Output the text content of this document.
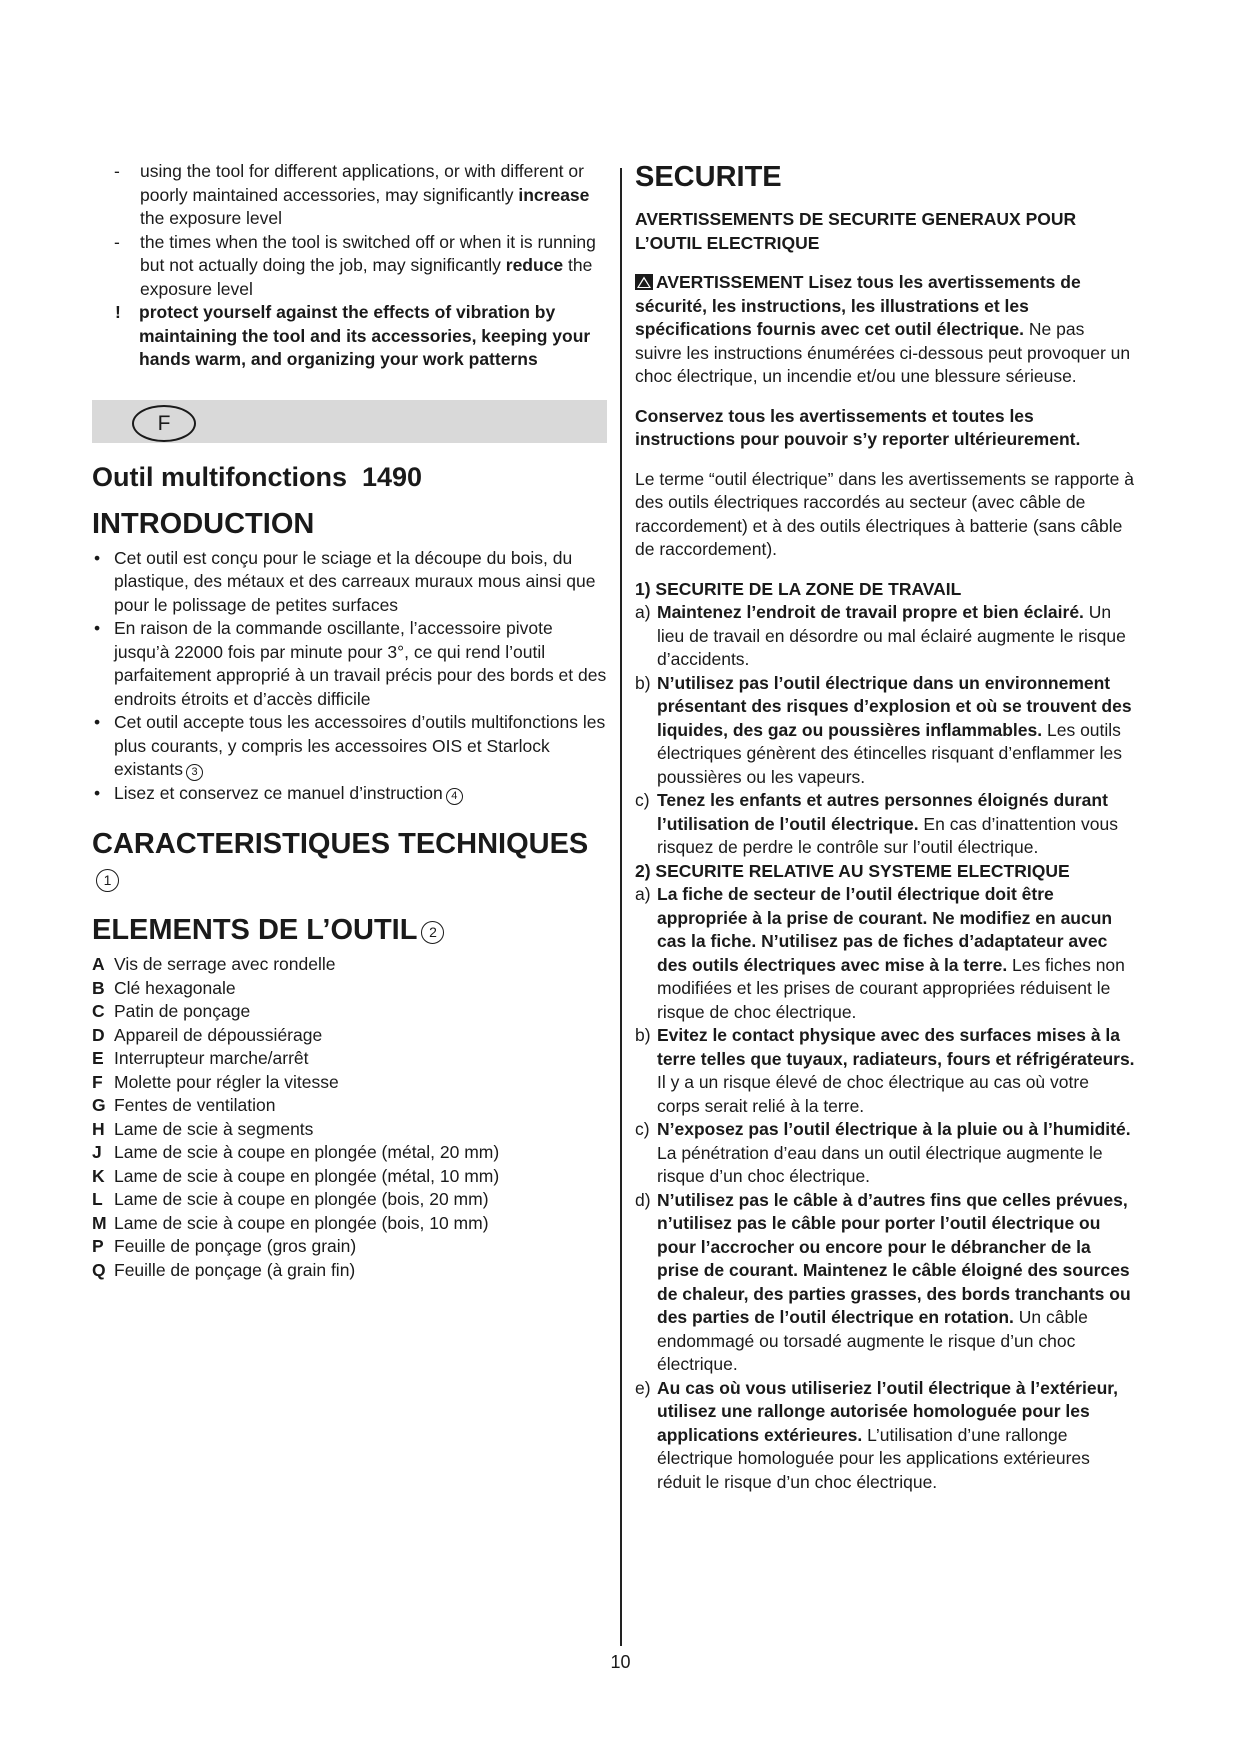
- using the tool for different applications, or with different or poorly maintained accessories, may significantly increase the exposure level
- the times when the tool is switched off or when it is running but not actually doing the job, may significantly reduce the exposure level
! protect yourself against the effects of vibration by maintaining the tool and its accessories, keeping your hands warm, and organizing your work patterns
F
Outil multifonctions  1490
INTRODUCTION
• Cet outil est conçu pour le sciage et la découpe du bois, du plastique, des métaux et des carreaux muraux mous ainsi que pour le polissage de petites surfaces
• En raison de la commande oscillante, l’accessoire pivote jusqu’à 22000 fois par minute pour 3°, ce qui rend l’outil parfaitement approprié à un travail précis pour des bords et des endroits étroits et d’accès difficile
• Cet outil accepte tous les accessoires d’outils multifonctions les plus courants, y compris les accessoires OIS et Starlock existants 3
• Lisez et conservez ce manuel d’instruction 4
CARACTERISTIQUES TECHNIQUES1
ELEMENTS DE L’OUTIL 2
A Vis de serrage avec rondelle
B Clé hexagonale
C Patin de ponçage
D Appareil de dépoussiérage
E Interrupteur marche/arrêt
F Molette pour régler la vitesse
G Fentes de ventilation
H Lame de scie à segments
J Lame de scie à coupe en plongée (métal, 20 mm)
K Lame de scie à coupe en plongée (métal, 10 mm)
L Lame de scie à coupe en plongée (bois, 20 mm)
M Lame de scie à coupe en plongée (bois, 10 mm)
P Feuille de ponçage (gros grain)
Q Feuille de ponçage (à grain fin)
SECURITE
AVERTISSEMENTS DE SECURITE GENERAUX POUR L’OUTIL ELECTRIQUE
AVERTISSEMENT Lisez tous les avertissements de sécurité, les instructions, les illustrations et les spécifications fournis avec cet outil électrique. Ne pas suivre les instructions énumérées ci-dessous peut provoquer un choc électrique, un incendie et/ou une blessure sérieuse.
Conservez tous les avertissements et toutes les instructions pour pouvoir s’y reporter ultérieurement.
Le terme “outil électrique” dans les avertissements se rapporte à des outils électriques raccordés au secteur (avec câble de raccordement) et à des outils électriques à batterie (sans câble de raccordement).
1) SECURITE DE LA ZONE DE TRAVAIL
a) Maintenez l’endroit de travail propre et bien éclairé. Un lieu de travail en désordre ou mal éclairé augmente le risque d’accidents.
b) N’utilisez pas l’outil électrique dans un environnement présentant des risques d’explosion et où se trouvent des liquides, des gaz ou poussières inflammables. Les outils électriques génèrent des étincelles risquant d’enflammer les poussières ou les vapeurs.
c) Tenez les enfants et autres personnes éloignés durant l’utilisation de l’outil électrique. En cas d’inattention vous risquez de perdre le contrôle sur l’outil électrique.
2) SECURITE RELATIVE AU SYSTEME ELECTRIQUE
a) La fiche de secteur de l’outil électrique doit être appropriée à la prise de courant. Ne modifiez en aucun cas la fiche. N’utilisez pas de fiches d’adaptateur avec des outils électriques avec mise à la terre. Les fiches non modifiées et les prises de courant appropriées réduisent le risque de choc électrique.
b) Evitez le contact physique avec des surfaces mises à la terre telles que tuyaux, radiateurs, fours et réfrigérateurs. Il y a un risque élevé de choc électrique au cas où votre corps serait relié à la terre.
c) N’exposez pas l’outil électrique à la pluie ou à l’humidité. La pénétration d’eau dans un outil électrique augmente le risque d’un choc électrique.
d) N’utilisez pas le câble à d’autres fins que celles prévues, n’utilisez pas le câble pour porter l’outil électrique ou pour l’accrocher ou encore pour le débrancher de la prise de courant. Maintenez le câble éloigné des sources de chaleur, des parties grasses, des bords tranchants ou des parties de l’outil électrique en rotation. Un câble endommagé ou torsadé augmente le risque d’un choc électrique.
e) Au cas où vous utiliseriez l’outil électrique à l’extérieur, utilisez une rallonge autorisée homologuée pour les applications extérieures. L’utilisation d’une rallonge électrique homologuée pour les applications extérieures réduit le risque d’un choc électrique.
10
